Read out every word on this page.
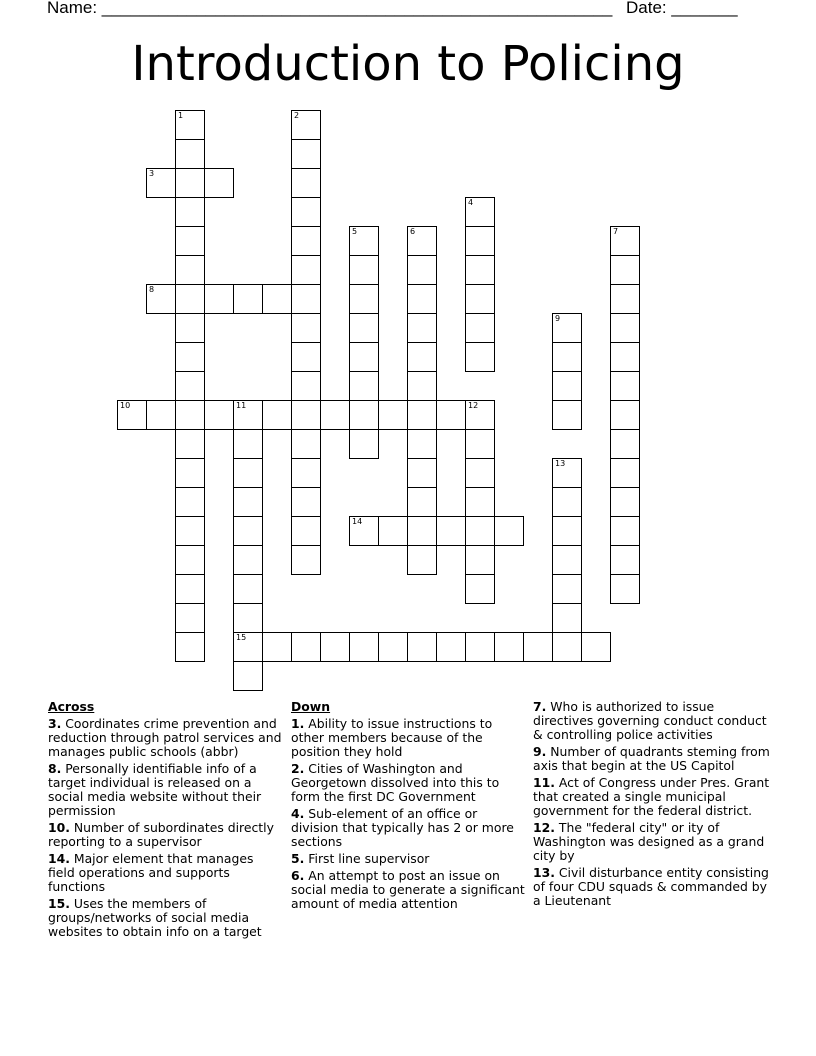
Name: ______________________________________________________ Date: _______
Introduction to Policing
1	2
3
4
5	6	7
8
9
10	11	12
15
13
14
Across
3. Coordinates crime prevention and reduction through patrol services and manages public schools (abbr)
8. Personally identifiable info of a target individual is released on a social media website without their permission
10. Number of subordinates directly reporting to a supervisor
14. Major element that manages field operations and supports functions
15. Uses the members of groups/networks of social media websites to obtain info on a target
Down
1. Ability to issue instructions to other members because of the position they hold
2. Cities of Washington and Georgetown dissolved into this to form the first DC Government
4. Sub-element of an office or division that typically has 2 or more sections
5. First line supervisor
6. An attempt to post an issue on social media to generate a significant amount of media attention
7. Who is authorized to issue directives governing conduct conduct & controlling police activities
9. Number of quadrants steming from axis that begin at the US Capitol
11. Act of Congress under Pres. Grant that created a single municipal government for the federal district.
12. The "federal city" or ity of Washington was designed as a grand city by
13. Civil disturbance entity consisting of four CDU squads & commanded by a Lieutenant
